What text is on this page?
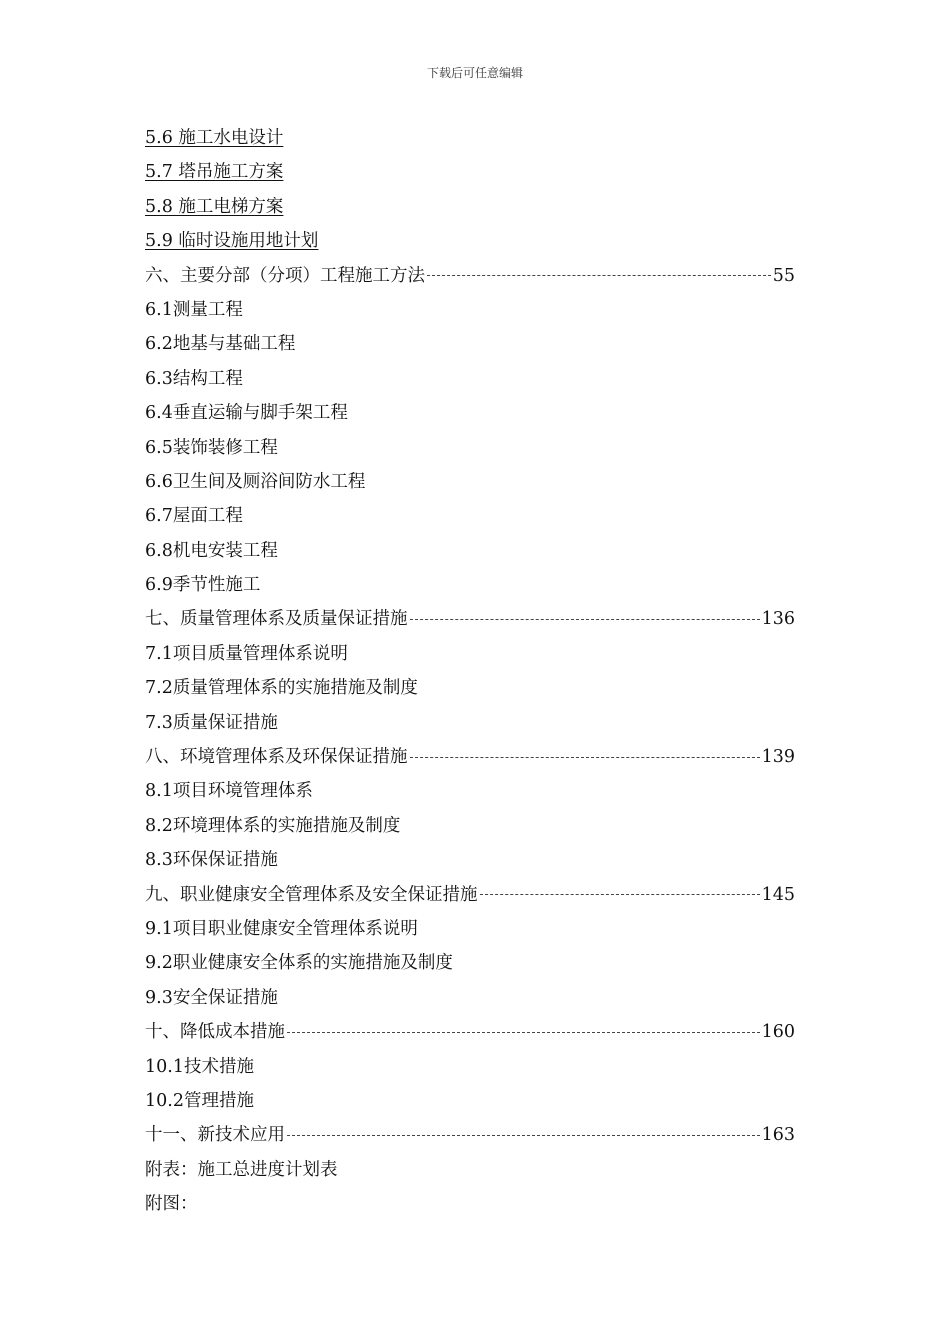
下载后可任意编辑
5.6 施工水电设计
5.7 塔吊施工方案
5.8 施工电梯方案
5.9 临时设施用地计划
六、主要分部（分项）工程施工方法	55
6.1测量工程
6.2地基与基础工程
6.3结构工程
6.4垂直运输与脚手架工程
6.5装饰装修工程
6.6卫生间及厕浴间防水工程
6.7屋面工程
6.8机电安装工程
6.9季节性施工
七、质量管理体系及质量保证措施	136
7.1项目质量管理体系说明
7.2质量管理体系的实施措施及制度
7.3质量保证措施
八、环境管理体系及环保保证措施	139
8.1项目环境管理体系
8.2环境理体系的实施措施及制度
8.3环保保证措施
九、职业健康安全管理体系及安全保证措施	145
9.1项目职业健康安全管理体系说明
9.2职业健康安全体系的实施措施及制度
9.3安全保证措施
十、降低成本措施	160
10.1技术措施
10.2管理措施
十一、新技术应用	163
附表：施工总进度计划表
附图：
